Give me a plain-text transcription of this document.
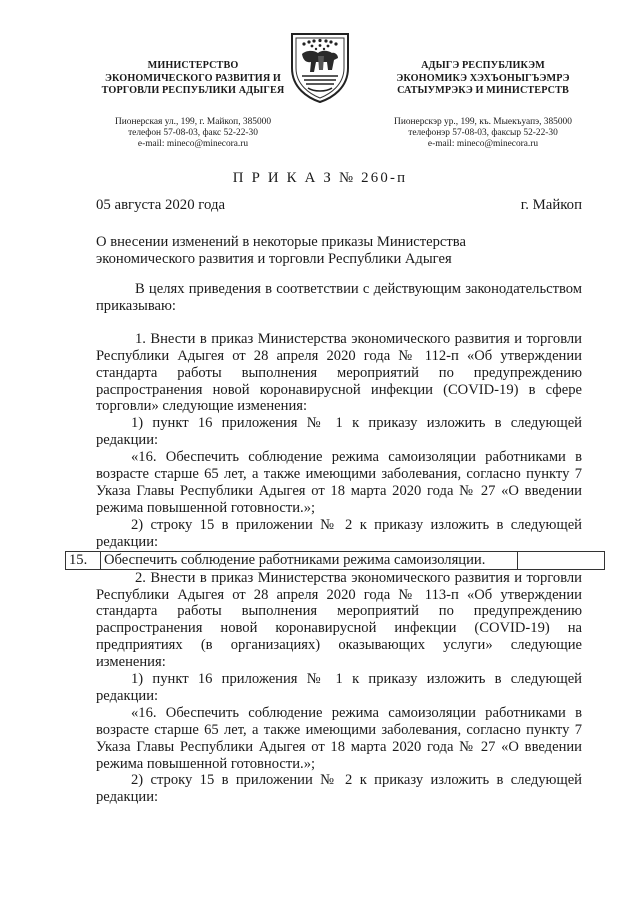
МИНИСТЕРСТВО
ЭКОНОМИЧЕСКОГО РАЗВИТИЯ И
ТОРГОВЛИ РЕСПУБЛИКИ АДЫГЕЯ
Пионерская ул., 199, г. Майкоп, 385000
телефон 57-08-03, факс 52-22-30
e-mail: mineco@minecora.ru
АДЫГЭ РЕСПУБЛИКЭМ
ЭКОНОМИКЭ ХЭХЪОНЫГЪЭМРЭ
САТЫУМРЭКЭ И МИНИСТЕРСТВ
Пионерскэр ур., 199, къ. Мыекъуапэ, 385000
телефонэр 57-08-03, факсыр 52-22-30
e-mail: mineco@minecora.ru
П Р И К А З № 260-п
05 августа 2020 года	г. Майкоп
О внесении изменений в некоторые приказы Министерства
экономического развития и торговли Республики Адыгея

В целях приведения в соответствии с действующим законодательством приказываю:

1. Внести в приказ Министерства экономического развития и торговли Республики Адыгея от 28 апреля 2020 года № 112-п «Об утверждении стандарта работы выполнения мероприятий по предупреждению распространения новой коронавирусной инфекции (COVID-19) в сфере торговли» следующие изменения:

1) пункт 16 приложения № 1 к приказу изложить в следующей редакции:

«16. Обеспечить соблюдение режима самоизоляции работниками в возрасте старше 65 лет, а также имеющими заболевания, согласно пункту 7 Указа Главы Республики Адыгея от 18 марта 2020 года № 27 «О введении режима повышенной готовности.»;

2) строку 15 в приложении № 2 к приказу изложить в следующей редакции:

15.	Обеспечить соблюдение работниками режима самоизоляции.	

2. Внести в приказ Министерства экономического развития и торговли Республики Адыгея от 28 апреля 2020 года № 113-п «Об утверждении стандарта работы выполнения мероприятий по предупреждению распространения новой коронавирусной инфекции (COVID-19) на предприятиях (в организациях) оказывающих услуги» следующие изменения:

1) пункт 16 приложения № 1 к приказу изложить в следующей редакции:

«16. Обеспечить соблюдение режима самоизоляции работниками в возрасте старше 65 лет, а также имеющими заболевания, согласно пункту 7 Указа Главы Республики Адыгея от 18 марта 2020 года № 27 «О введении режима повышенной готовности.»;

2) строку 15 в приложении № 2 к приказу изложить в следующей редакции:
